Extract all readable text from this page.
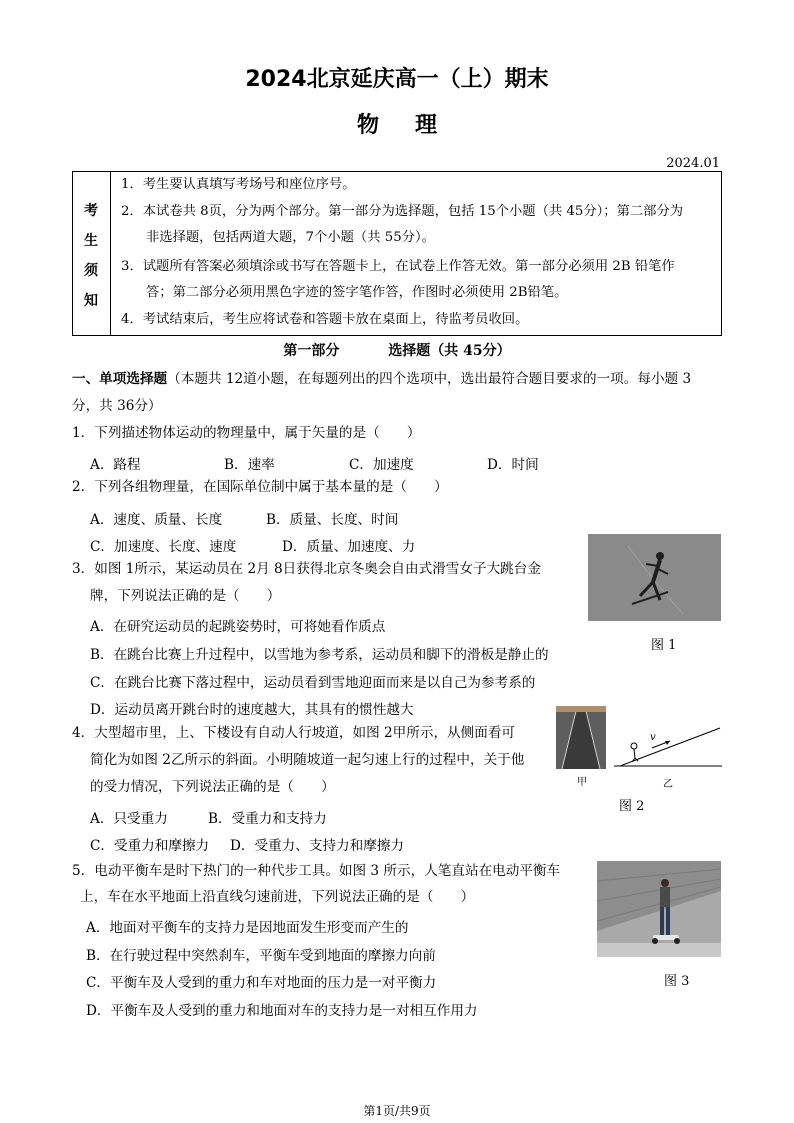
2024北京延庆高一（上）期末
物理
2024.01
考
生
须
知
1．考生要认真填写考场号和座位序号。
2．本试卷共 8页，分为两个部分。第一部分为选择题，包括 15个小题（共 45分）；第二部分为
非选择题，包括两道大题，7个小题（共 55分）。
3．试题所有答案必须填涂或书写在答题卡上，在试卷上作答无效。第一部分必须用 2B 铅笔作
答；第二部分必须用黑色字迹的签字笔作答，作图时必须使用 2B铅笔。
4．考试结束后，考生应将试卷和答题卡放在桌面上，待监考员收回。
第一部分	选择题（共 45分）
一、单项选择题（本题共 12道小题，在每题列出的四个选项中，选出最符合题目要求的一项。每小题 3
分，共 36分）
1．下列描述物体运动的物理量中，属于矢量的是（　　）
A．路程	B．速率	C．加速度	D．时间
2．下列各组物理量，在国际单位制中属于基本量的是（　　）
A．速度、质量、长度	B．质量、长度、时间
C．加速度、长度、速度	D．质量、加速度、力
3．如图 1所示，某运动员在 2月 8日获得北京冬奥会自由式滑雪女子大跳台金
牌，下列说法正确的是（　　）
A．在研究运动员的起跳姿势时，可将她看作质点
B．在跳台比赛上升过程中，以雪地为参考系，运动员和脚下的滑板是静止的
C．在跳台比赛下落过程中，运动员看到雪地迎面而来是以自己为参考系的
D．运动员离开跳台时的速度越大，其具有的惯性越大
图 1
4．大型超市里，上、下楼设有自动人行坡道，如图 2甲所示，从侧面看可
简化为如图 2乙所示的斜面。小明随坡道一起匀速上行的过程中，关于他
的受力情况，下列说法正确的是（　　）
A．只受重力	B．受重力和支持力
C．受重力和摩擦力 D．受重力、支持力和摩擦力
甲
v
乙
图 2
5．电动平衡车是时下热门的一种代步工具。如图 3 所示，人笔直站在电动平衡车
上，车在水平地面上沿直线匀速前进，下列说法正确的是（　　）
A．地面对平衡车的支持力是因地面发生形变而产生的
B．在行驶过程中突然刹车，平衡车受到地面的摩擦力向前
C．平衡车及人受到的重力和车对地面的压力是一对平衡力
D．平衡车及人受到的重力和地面对车的支持力是一对相互作用力
图 3
第1页/共9页
